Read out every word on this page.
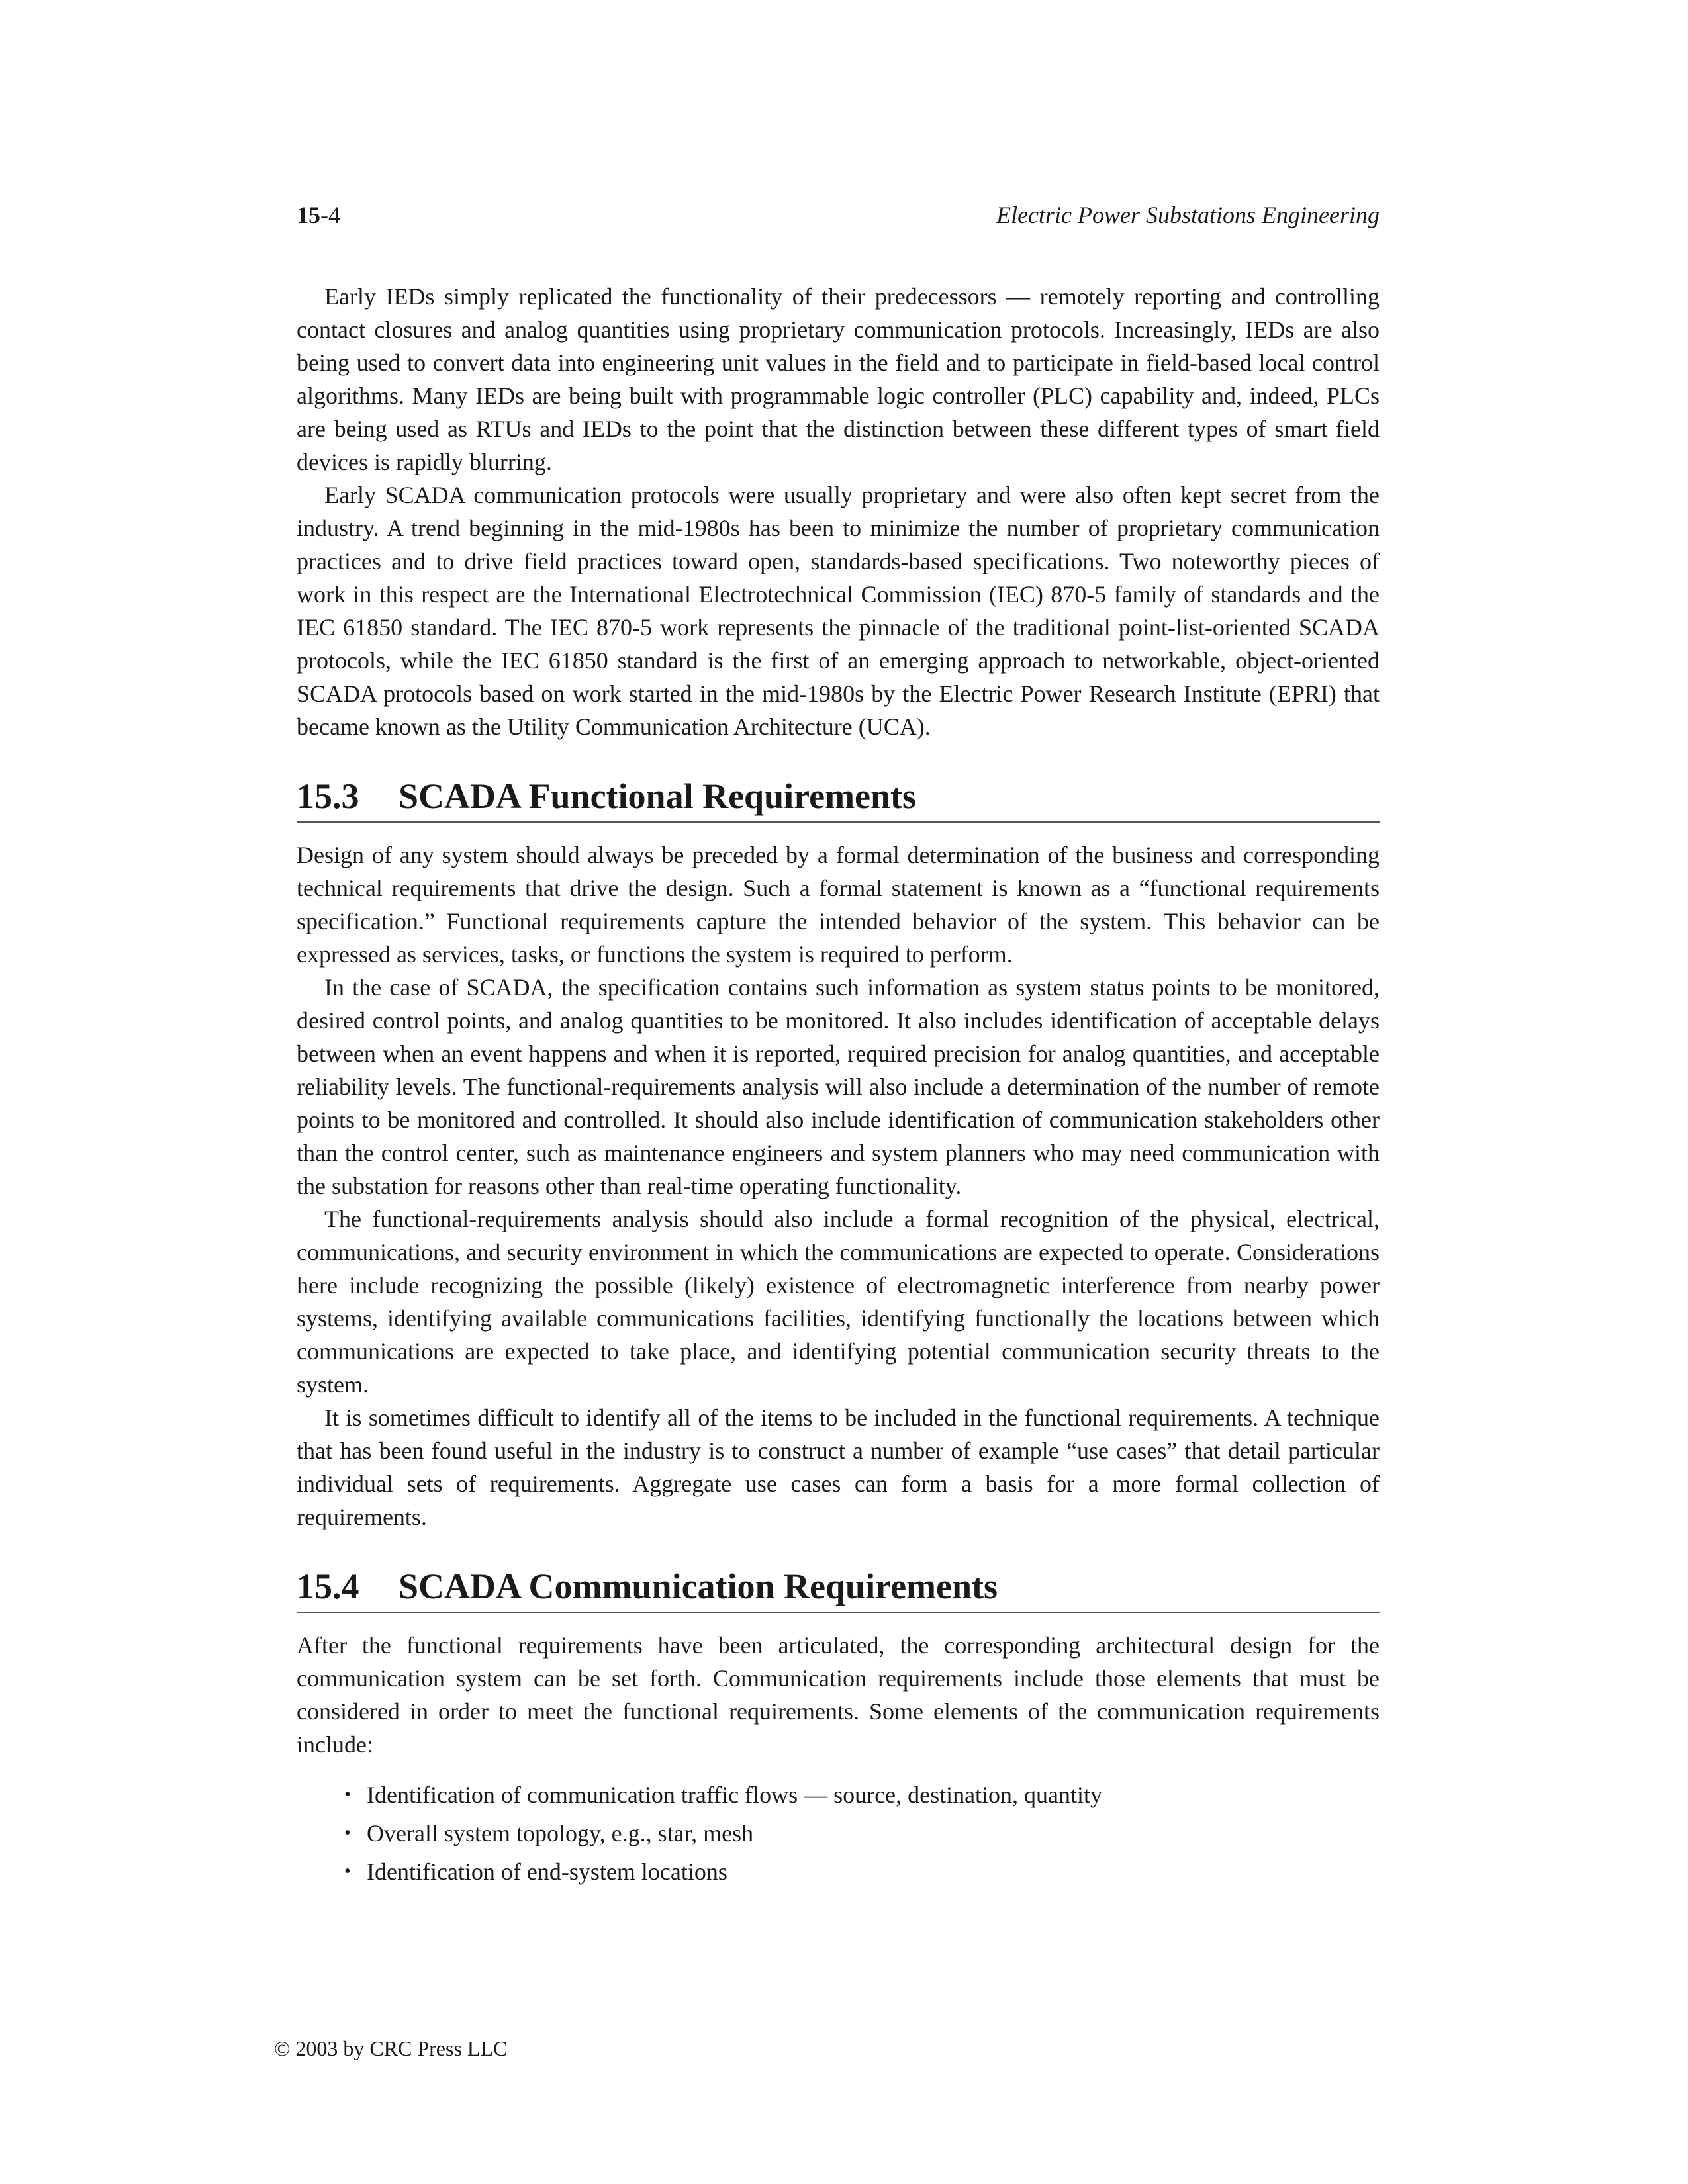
15-4	Electric Power Substations Engineering

Early IEDs simply replicated the functionality of their predecessors — remotely reporting and controlling contact closures and analog quantities using proprietary communication protocols. Increasingly, IEDs are also being used to convert data into engineering unit values in the field and to participate in field-based local control algorithms. Many IEDs are being built with programmable logic controller (PLC) capability and, indeed, PLCs are being used as RTUs and IEDs to the point that the distinction between these different types of smart field devices is rapidly blurring.

Early SCADA communication protocols were usually proprietary and were also often kept secret from the industry. A trend beginning in the mid-1980s has been to minimize the number of proprietary communication practices and to drive field practices toward open, standards-based specifications. Two noteworthy pieces of work in this respect are the International Electrotechnical Commission (IEC) 870-5 family of standards and the IEC 61850 standard. The IEC 870-5 work represents the pinnacle of the traditional point-list-oriented SCADA protocols, while the IEC 61850 standard is the first of an emerging approach to networkable, object-oriented SCADA protocols based on work started in the mid-1980s by the Electric Power Research Institute (EPRI) that became known as the Utility Communication Architecture (UCA).

15.3 SCADA Functional Requirements

Design of any system should always be preceded by a formal determination of the business and corresponding technical requirements that drive the design. Such a formal statement is known as a “functional requirements specification.” Functional requirements capture the intended behavior of the system. This behavior can be expressed as services, tasks, or functions the system is required to perform.

In the case of SCADA, the specification contains such information as system status points to be monitored, desired control points, and analog quantities to be monitored. It also includes identification of acceptable delays between when an event happens and when it is reported, required precision for analog quantities, and acceptable reliability levels. The functional-requirements analysis will also include a determination of the number of remote points to be monitored and controlled. It should also include identification of communication stakeholders other than the control center, such as maintenance engineers and system planners who may need communication with the substation for reasons other than real-time operating functionality.

The functional-requirements analysis should also include a formal recognition of the physical, electrical, communications, and security environment in which the communications are expected to operate. Considerations here include recognizing the possible (likely) existence of electromagnetic interference from nearby power systems, identifying available communications facilities, identifying functionally the locations between which communications are expected to take place, and identifying potential communication security threats to the system.

It is sometimes difficult to identify all of the items to be included in the functional requirements. A technique that has been found useful in the industry is to construct a number of example “use cases” that detail particular individual sets of requirements. Aggregate use cases can form a basis for a more formal collection of requirements.

15.4 SCADA Communication Requirements

After the functional requirements have been articulated, the corresponding architectural design for the communication system can be set forth. Communication requirements include those elements that must be considered in order to meet the functional requirements. Some elements of the communication requirements include:

• Identification of communication traffic flows — source, destination, quantity
• Overall system topology, e.g., star, mesh
• Identification of end-system locations
© 2003 by CRC Press LLC
